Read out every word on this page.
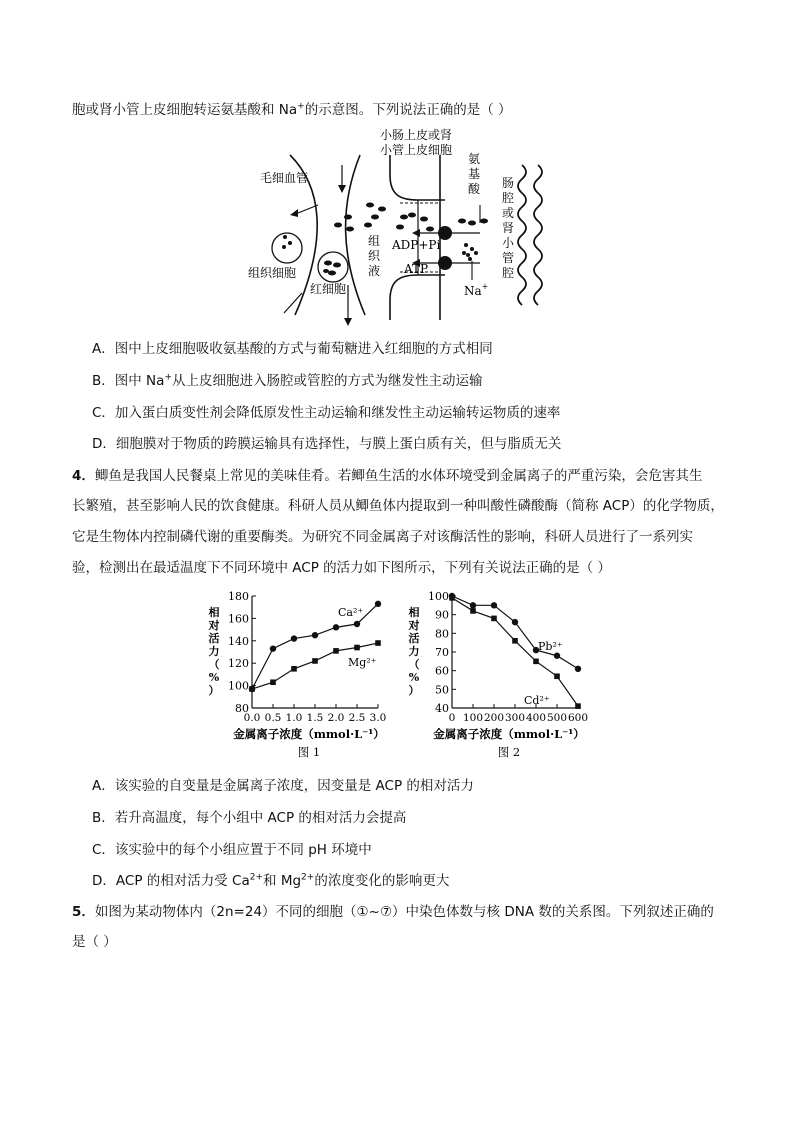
胞或肾小管上皮细胞转运氨基酸和 Na+的示意图。下列说法正确的是（ ）
小肠上皮或肾
小管上皮细胞
毛细血管
氨
基
酸 肠
腔
或
肾
小
管
腔
组织细胞
红细胞
组
织
液
ADP+Pi
ATP
Na+
A．图中上皮细胞吸收氨基酸的方式与葡萄糖进入红细胞的方式相同
B．图中 Na+从上皮细胞进入肠腔或管腔的方式为继发性主动运输
C．加入蛋白质变性剂会降低原发性主动运输和继发性主动运输转运物质的速率
D．细胞膜对于物质的跨膜运输具有选择性，与膜上蛋白质有关，但与脂质无关
4．鲫鱼是我国人民餐桌上常见的美味佳肴。若鲫鱼生活的水体环境受到金属离子的严重污染，会危害其生
长繁殖，甚至影响人民的饮食健康。科研人员从鲫鱼体内提取到一种叫酸性磷酸酶（简称 ACP）的化学物质，
它是生物体内控制磷代谢的重要酶类。为研究不同金属离子对该酶活性的影响，科研人员进行了一系列实
验，检测出在最适温度下不同环境中 ACP 的活力如下图所示，下列有关说法正确的是（ ）
80
100
120
140
160
180
0.0 0.5 1.0 1.5 2.0 2.5 3.0
相
对
活
力
（
%
）
Ca²⁺
Mg²⁺
金属离子浓度（mmol·L⁻¹）
图 1
40
50
60
70
80
90
100
0 100 200 300 400 500 600
相
对
活
力
（
%
）
Pb²⁺
Cd²⁺
金属离子浓度（mmol·L⁻¹）
图 2
A．该实验的自变量是金属离子浓度，因变量是 ACP 的相对活力
B．若升高温度，每个小组中 ACP 的相对活力会提高
C．该实验中的每个小组应置于不同 pH 环境中
D．ACP 的相对活力受 $Ca^{2+}$和 $Mg^{2+}$的浓度变化的影响更大
5．如图为某动物体内（2n=24）不同的细胞（①~⑦）中染色体数与核 DNA 数的关系图。下列叙述正确的
是（ ）
